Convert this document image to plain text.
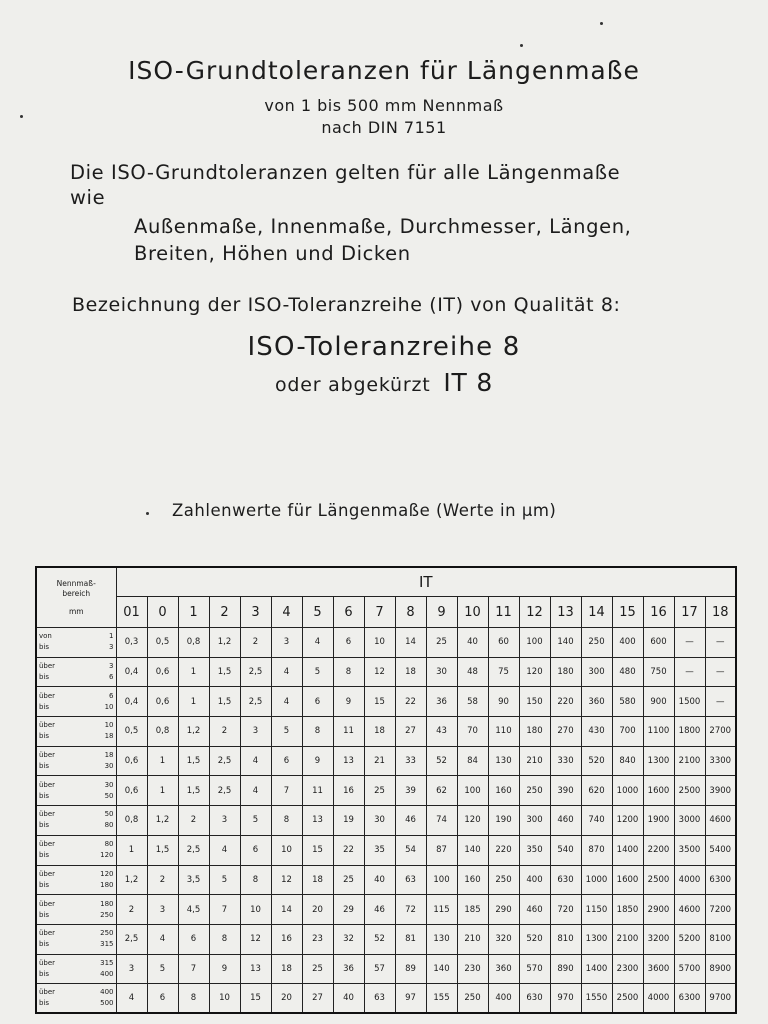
ISO-Grundtoleranzen für Längenmaße
von 1 bis 500 mm Nennmaß
nach DIN 7151
Die ISO-Grundtoleranzen gelten für alle Längenmaße
wie
Außenmaße, Innenmaße, Durchmesser, Längen,
Breiten, Höhen und Dicken
Bezeichnung der ISO-Toleranzreihe (IT) von Qualität 8:
ISO-Toleranzreihe 8
oder abgekürzt IT 8
Zahlenwerte für Längenmaße (Werte in µm)
Nennmaß-
bereich
mm	IT																			
	01	0	1	2	3	4	5	6	7	8	9	10	11	12	13	14	15	16	17	18

von 1
bis 3	0,3	0,5	0,8	1,2	2	3	4	6	10	14	25	40	60	100	140	250	400	600	—	—

über 3
bis 6	0,4	0,6	1	1,5	2,5	4	5	8	12	18	30	48	75	120	180	300	480	750	—	—

über 6
bis 10	0,4	0,6	1	1,5	2,5	4	6	9	15	22	36	58	90	150	220	360	580	900	1500	—

über 10
bis 18	0,5	0,8	1,2	2	3	5	8	11	18	27	43	70	110	180	270	430	700	1100	1800	2700

über 18
bis 30	0,6	1	1,5	2,5	4	6	9	13	21	33	52	84	130	210	330	520	840	1300	2100	3300

über 30
bis 50	0,6	1	1,5	2,5	4	7	11	16	25	39	62	100	160	250	390	620	1000	1600	2500	3900

über 50
bis 80	0,8	1,2	2	3	5	8	13	19	30	46	74	120	190	300	460	740	1200	1900	3000	4600

über 80
bis 120	1	1,5	2,5	4	6	10	15	22	35	54	87	140	220	350	540	870	1400	2200	3500	5400

über 120
bis 180	1,2	2	3,5	5	8	12	18	25	40	63	100	160	250	400	630	1000	1600	2500	4000	6300

über 180
bis 250	2	3	4,5	7	10	14	20	29	46	72	115	185	290	460	720	1150	1850	2900	4600	7200

über 250
bis 315	2,5	4	6	8	12	16	23	32	52	81	130	210	320	520	810	1300	2100	3200	5200	8100

über 315
bis 400	3	5	7	9	13	18	25	36	57	89	140	230	360	570	890	1400	2300	3600	5700	8900

über 400
bis 500	4	6	8	10	15	20	27	40	63	97	155	250	400	630	970	1550	2500	4000	6300	9700
